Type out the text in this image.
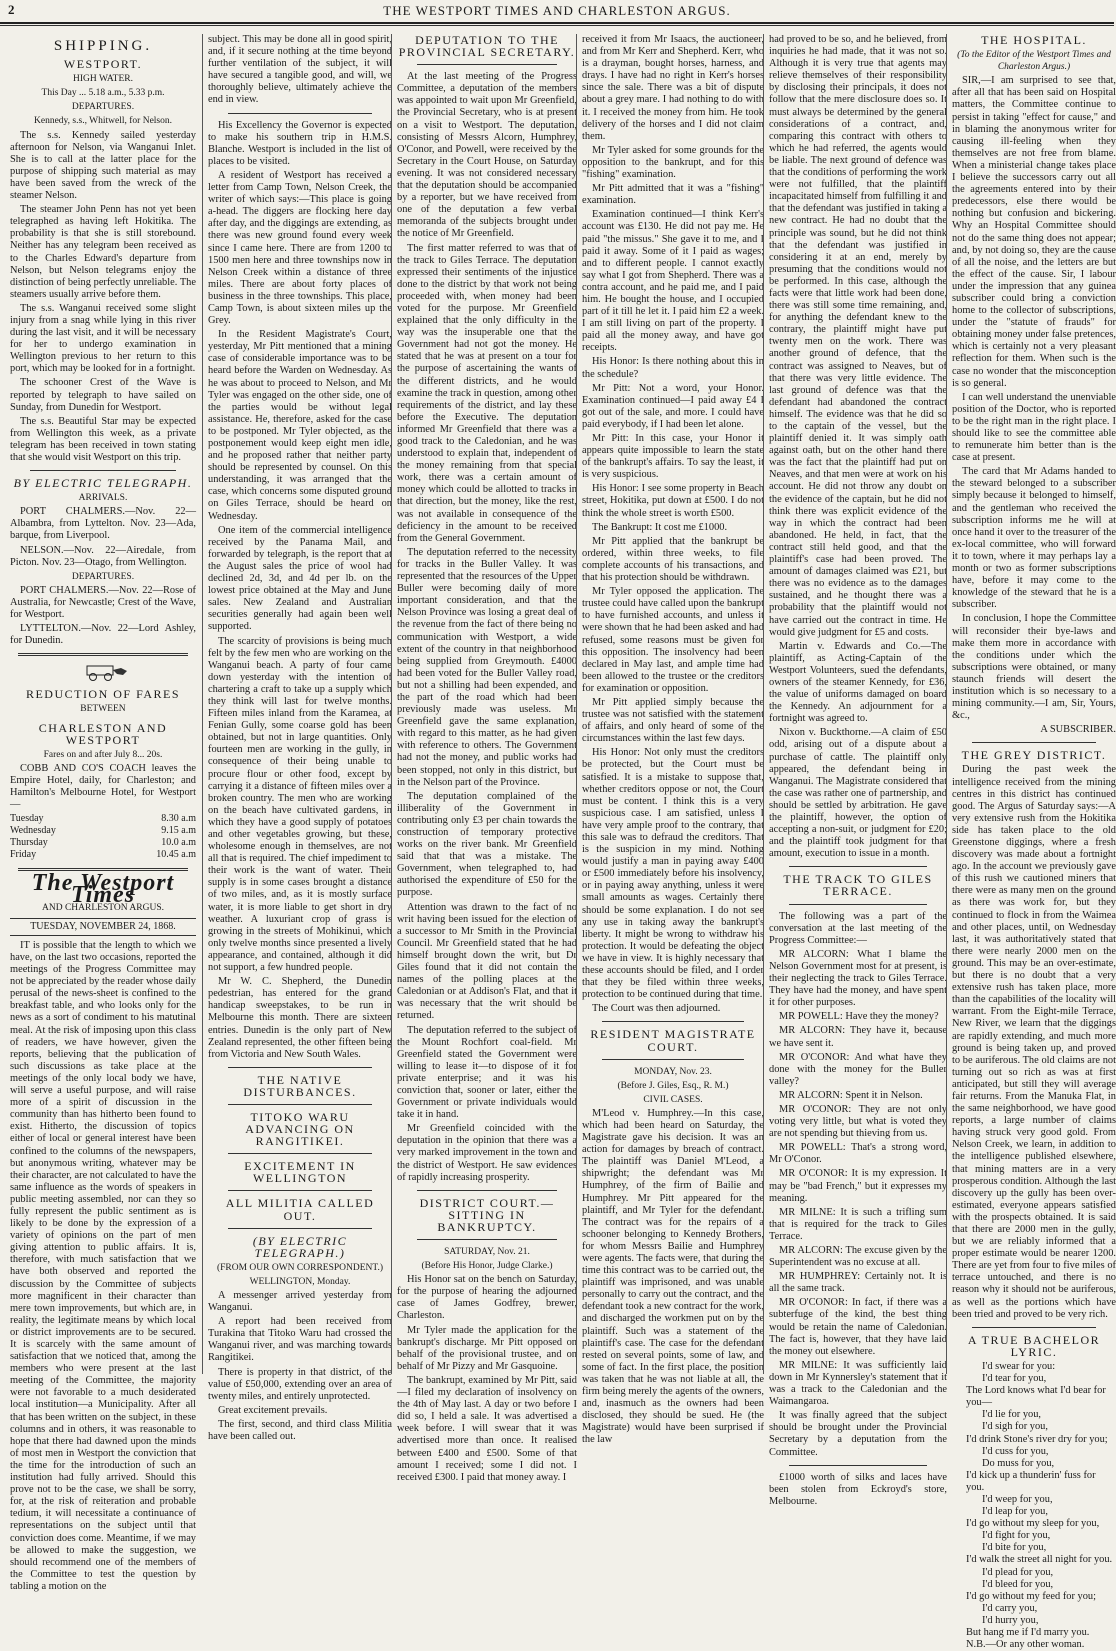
2	THE WESTPORT TIMES AND CHARLESTON ARGUS.

SHIPPING.

WESTPORT.

HIGH WATER.

This Day ... 5.18 a.m., 5.33 p.m.

DEPARTURES.

Kennedy, s.s., Whitwell, for Nelson.

The s.s. Kennedy sailed yesterday afternoon for Nelson, via Wanganui Inlet. She is to call at the latter place for the purpose of shipping such material as may have been saved from the wreck of the steamer Nelson.

The steamer John Penn has not yet been telegraphed as having left Hokitika. The probability is that she is still storebound. Neither has any telegram been received as to the Charles Edward's departure from Nelson, but Nelson telegrams enjoy the distinction of being perfectly unreliable. The steamers usually arrive before them.

The s.s. Wanganui received some slight injury from a snag while lying in this river during the last visit, and it will be necessary for her to undergo examination in Wellington previous to her return to this port, which may be looked for in a fortnight.

The schooner Crest of the Wave is reported by telegraph to have sailed on Sunday, from Dunedin for Westport.

The s.s. Beautiful Star may be expected from Wellington this week, as a private telegram has been received in town stating that she would visit Westport on this trip.

BY ELECTRIC TELEGRAPH.

ARRIVALS.

PORT CHALMERS.—Nov. 22—Albambra, from Lyttelton. Nov. 23—Ada, barque, from Liverpool.

NELSON.—Nov. 22—Airedale, from Picton. Nov. 23—Otago, from Wellington.

DEPARTURES.

PORT CHALMERS.—Nov. 22—Rose of Australia, for Newcastle; Crest of the Wave, for Westport.

LYTTELTON.—Nov. 22—Lord Ashley, for Dunedin.

REDUCTION OF FARES

BETWEEN

CHARLESTON AND WESTPORT

Fares on and after July 8... 20s.

COBB AND CO'S COACH leaves the Empire Hotel, daily, for Charleston; and Hamilton's Melbourne Hotel, for Westport—

Tuesday	8.30 a.m
Wednesday	9.15 a.m
Thursday	10.0 a.m
Friday	10.45 a.m

The Westport Times

AND CHARLESTON ARGUS.

TUESDAY, NOVEMBER 24, 1868.

IT is possible that the length to which we have, on the last two occasions, reported the meetings of the Progress Committee may not be appreciated by the reader whose daily perusal of the news-sheet is confined to the breakfast table, and who looks only for the news as a sort of condiment to his matutinal meal. At the risk of imposing upon this class of readers, we have however, given the reports, believing that the publication of such discussions as take place at the meetings of the only local body we have, will serve a useful purpose, and will raise more of a spirit of discussion in the community than has hitherto been found to exist. Hitherto, the discussion of topics either of local or general interest have been confined to the columns of the newspapers, but anonymous writing, whatever may be their character, are not calculated to have the same influence as the words of speakers in public meeting assembled, nor can they so fully represent the public sentiment as is likely to be done by the expression of a variety of opinions on the part of men giving attention to public affairs. It is, therefore, with much satisfaction that we have both observed and reported the discussion by the Committee of subjects more magnificent in their character than mere town improvements, but which are, in reality, the legitimate means by which local or district improvements are to be secured. It is scarcely with the same amount of satisfaction that we noticed that, among the members who were present at the last meeting of the Committee, the majority were not favorable to a much desiderated local institution—a Municipality. After all that has been written on the subject, in these columns and in others, it was reasonable to hope that there had dawned upon the minds of most men in Westport the conviction that the time for the introduction of such an institution had fully arrived. Should this prove not to be the case, we shall be sorry, for, at the risk of reiteration and probable tedium, it will necessitate a continuance of representations on the subject until that conviction does come. Meantime, if we may be allowed to make the suggestion, we should recommend one of the members of the Committee to test the question by tabling a motion on the

subject. This may be done all in good spirit, and, if it secure nothing at the time beyond further ventilation of the subject, it will have secured a tangible good, and will, we thoroughly believe, ultimately achieve the end in view.

His Excellency the Governor is expected to make his southern trip in H.M.S. Blanche. Westport is included in the list of places to be visited.

A resident of Westport has received a letter from Camp Town, Nelson Creek, the writer of which says:—This place is going a-head. The diggers are flocking here day after day, and the diggings are extending, as there was new ground found every week since I came here. There are from 1200 to 1500 men here and three townships now in Nelson Creek within a distance of three miles. There are about forty places of business in the three townships. This place, Camp Town, is about sixteen miles up the Grey.

In the Resident Magistrate's Court, yesterday, Mr Pitt mentioned that a mining case of considerable importance was to be heard before the Warden on Wednesday. As he was about to proceed to Nelson, and Mr Tyler was engaged on the other side, one of the parties would be without legal assistance. He, therefore, asked for the case to be postponed. Mr Tyler objected, as the postponement would keep eight men idle, and he proposed rather that neither party should be represented by counsel. On this understanding, it was arranged that the case, which concerns some disputed ground on Giles Terrace, should be heard on Wednesday.

One item of the commercial intelligence received by the Panama Mail, and forwarded by telegraph, is the report that at the August sales the price of wool had declined 2d, 3d, and 4d per lb. on the lowest price obtained at the May and June sales. New Zealand and Australian securities generally had again been well supported.

The scarcity of provisions is being much felt by the few men who are working on the Wanganui beach. A party of four came down yesterday with the intention of chartering a craft to take up a supply which they think will last for twelve months. Fifteen miles inland from the Karamea, at Fenian Gully, some coarse gold has been obtained, but not in large quantities. Only fourteen men are working in the gully, in consequence of their being unable to procure flour or other food, except by carrying it a distance of fifteen miles over a broken country. The men who are working on the beach have cultivated gardens, in which they have a good supply of potatoes and other vegetables growing, but these, wholesome enough in themselves, are not all that is required. The chief impediment to their work is the want of water. Their supply is in some cases brought a distance of two miles, and, as it is mostly surface water, it is more liable to get short in dry weather. A luxuriant crop of grass is growing in the streets of Mohikinui, which only twelve months since presented a lively appearance, and contained, although it did not support, a few hundred people.

Mr W. C. Shepherd, the Dunedin pedestrian, has entered for the grand handicap sweepstakes, to be run in Melbourne this month. There are sixteen entries. Dunedin is the only part of New Zealand represented, the other fifteen being from Victoria and New South Wales.

THE NATIVE DISTURBANCES.

TITOKO WARU ADVANCING ON RANGITIKEI.

EXCITEMENT IN WELLINGTON

ALL MILITIA CALLED OUT.

(BY ELECTRIC TELEGRAPH.)

(FROM OUR OWN CORRESPONDENT.)

WELLINGTON, Monday.

A messenger arrived yesterday from Wanganui.

A report had been received from Turakina that Titoko Waru had crossed the Wanganui river, and was marching towards Rangitikei.

There is property in that district, of the value of £50,000, extending over an area of twenty miles, and entirely unprotected.

Great excitement prevails.

The first, second, and third class Militia have been called out.

DEPUTATION TO THE PROVINCIAL SECRETARY.

At the last meeting of the Progress Committee, a deputation of the members was appointed to wait upon Mr Greenfield, the Provincial Secretary, who is at present on a visit to Westport. The deputation, consisting of Messrs Alcorn, Humphrey, O'Conor, and Powell, were received by the Secretary in the Court House, on Saturday evening. It was not considered necessary that the deputation should be accompanied by a reporter, but we have received from one of the deputation a few verbal memoranda of the subjects brought under the notice of Mr Greenfield.

The first matter referred to was that of the track to Giles Terrace. The deputation expressed their sentiments of the injustice done to the district by that work not being proceeded with, when money had been voted for the purpose. Mr Greenfield explained that the only difficulty in the way was the insuperable one that the Government had not got the money. He stated that he was at present on a tour for the purpose of ascertaining the wants of the different districts, and he would examine the track in question, among other requirements of the district, and lay these before the Executive. The deputation informed Mr Greenfield that there was a good track to the Caledonian, and he was understood to explain that, independent of the money remaining from that special work, there was a certain amount of money which could be allotted to tracks in that direction, but the money, like the rest, was not available in consequence of the deficiency in the amount to be received from the General Government.

The deputation referred to the necessity for tracks in the Buller Valley. It was represented that the resources of the Upper Buller were becoming daily of more important consideration, and that the Nelson Province was losing a great deal of the revenue from the fact of there being no communication with Westport, a wide extent of the country in that neighborhood being supplied from Greymouth. £4000 had been voted for the Buller Valley road, but not a shilling had been expended, and the part of the road which had been previously made was useless. Mr Greenfield gave the same explanation, with regard to this matter, as he had given with reference to others. The Government had not the money, and public works had been stopped, not only in this district, but in the Nelson part of the Province.

The deputation complained of the illiberality of the Government in contributing only £3 per chain towards the construction of temporary protective works on the river bank. Mr Greenfield said that that was a mistake. The Government, when telegraphed to, had authorised the expenditure of £50 for the purpose.

Attention was drawn to the fact of no writ having been issued for the election of a successor to Mr Smith in the Provincial Council. Mr Greenfield stated that he had himself brought down the writ, but Dr Giles found that it did not contain the names of the polling places at the Caledonian or at Addison's Flat, and that it was necessary that the writ should be returned.

The deputation referred to the subject of the Mount Rochfort coal-field. Mr Greenfield stated the Government were willing to lease it—to dispose of it for private enterprise; and it was his conviction that, sooner or later, either the Government or private individuals would take it in hand.

Mr Greenfield coincided with the deputation in the opinion that there was a very marked improvement in the town and the district of Westport. He saw evidences of rapidly increasing prosperity.

DISTRICT COURT.—SITTING IN BANKRUPTCY.

SATURDAY, Nov. 21.

(Before His Honor, Judge Clarke.)

His Honor sat on the bench on Saturday, for the purpose of hearing the adjourned case of James Godfrey, brewer, Charleston.

Mr Tyler made the application for the bankrupt's discharge. Mr Pitt opposed on behalf of the provisional trustee, and on behalf of Mr Pizzy and Mr Gasquoine.

The bankrupt, examined by Mr Pitt, said—I filed my declaration of insolvency on the 4th of May last. A day or two before I did so, I held a sale. It was advertised a week before. I will swear that it was advertised more than once. It realised between £400 and £500. Some of that amount I received; some I did not. I received £300. I paid that money away. I

received it from Mr Isaacs, the auctioneer, and from Mr Kerr and Shepherd. Kerr, who is a drayman, bought horses, harness, and drays. I have had no right in Kerr's horses since the sale. There was a bit of dispute about a grey mare. I had nothing to do with it. I received the money from him. He took delivery of the horses and I did not claim them.

Mr Tyler asked for some grounds for the opposition to the bankrupt, and for this "fishing" examination.

Mr Pitt admitted that it was a "fishing" examination.

Examination continued—I think Kerr's account was £130. He did not pay me. He paid "the missus." She gave it to me, and I paid it away. Some of it I paid as wages; and to different people. I cannot exactly say what I got from Shepherd. There was a contra account, and he paid me, and I paid him. He bought the house, and I occupied part of it till he let it. I paid him £2 a week. I am still living on part of the property. I paid all the money away, and have got receipts.

His Honor: Is there nothing about this in the schedule?

Mr Pitt: Not a word, your Honor. Examination continued—I paid away £4 I got out of the sale, and more. I could have paid everybody, if I had been let alone.

Mr Pitt: In this case, your Honor it appears quite impossible to learn the state of the bankrupt's affairs. To say the least, it is very suspicious.

His Honor: I see some property in Beach street, Hokitika, put down at £500. I do not think the whole street is worth £500.

The Bankrupt: It cost me £1000.

Mr Pitt applied that the bankrupt be ordered, within three weeks, to file complete accounts of his transactions, and that his protection should be withdrawn.

Mr Tyler opposed the application. The trustee could have called upon the bankrupt to have furnished accounts, and unless it were shown that he had been asked and had refused, some reasons must be given for this opposition. The insolvency had been declared in May last, and ample time had been allowed to the trustee or the creditors for examination or opposition.

Mr Pitt applied simply because the trustee was not satisfied with the statement of affairs, and only heard of some of the circumstances within the last few days.

His Honor: Not only must the creditors be protected, but the Court must be satisfied. It is a mistake to suppose that, whether creditors oppose or not, the Court must be content. I think this is a very suspicious case. I am satisfied, unless I have very ample proof to the contrary, that this sale was to defraud the creditors. That is the suspicion in my mind. Nothing would justify a man in paying away £400 or £500 immediately before his insolvency, or in paying away anything, unless it were small amounts as wages. Certainly there should be some explanation. I do not see any use in taking away the bankrupt's liberty. It might be wrong to withdraw his protection. It would be defeating the object we have in view. It is highly necessary that these accounts should be filed, and I order that they be filed within three weeks, protection to be continued during that time.

The Court was then adjourned.

RESIDENT MAGISTRATE COURT.

MONDAY, Nov. 23.

(Before J. Giles, Esq., R. M.)

CIVIL CASES.

M'Leod v. Humphrey.—In this case, which had been heard on Saturday, the Magistrate gave his decision. It was an action for damages by breach of contract. The plaintiff was Daniel M'Leod, a shipwright; the defendant was Mr Humphrey, of the firm of Bailie and Humphrey. Mr Pitt appeared for the plaintiff, and Mr Tyler for the defendant. The contract was for the repairs of a schooner belonging to Kennedy Brothers, for whom Messrs Bailie and Humphrey were agents. The facts were, that during the time this contract was to be carried out, the plaintiff was imprisoned, and was unable personally to carry out the contract, and the defendant took a new contract for the work, and discharged the workmen put on by the plaintiff. Such was a statement of the plaintiff's case. The case for the defendant rested on several points, some of law, and some of fact. In the first place, the position was taken that he was not liable at all, the firm being merely the agents of the owners, and, inasmuch as the owners had been disclosed, they should be sued. He (the Magistrate) would have been surprised if the law

had proved to be so, and he believed, from inquiries he had made, that it was not so. Although it is very true that agents may relieve themselves of their responsibility by disclosing their principals, it does not follow that the mere disclosure does so. It must always be determined by the general considerations of a contract, and, comparing this contract with others to which he had referred, the agents would be liable. The next ground of defence was that the conditions of performing the work were not fulfilled, that the plaintiff incapacitated himself from fulfilling it and that the defendant was justified in taking a new contract. He had no doubt that the principle was sound, but he did not think that the defendant was justified in considering it at an end, merely by presuming that the conditions would not be performed. In this case, although the facts were that little work had been done, there was still some time remaining, and, for anything the defendant knew to the contrary, the plaintiff might have put twenty men on the work. There was another ground of defence, that the contract was assigned to Neaves, but of that there was very little evidence. The last ground of defence was that the defendant had abandoned the contract himself. The evidence was that he did so to the captain of the vessel, but the plaintiff denied it. It was simply oath against oath, but on the other hand there was the fact that the plaintiff had put on Neaves, and that men were at work on his account. He did not throw any doubt on the evidence of the captain, but he did not think there was explicit evidence of the way in which the contract had been abandoned. He held, in fact, that the contract still held good, and that the plaintiff's case had been proved. The amount of damages claimed was £21, but there was no evidence as to the damages sustained, and he thought there was a probability that the plaintiff would not have carried out the contract in time. He would give judgment for £5 and costs.

Martin v. Edwards and Co.—The plaintiff, as Acting-Captain of the Westport Volunteers, sued the defendants, owners of the steamer Kennedy, for £36, the value of uniforms damaged on board the Kennedy. An adjournment for a fortnight was agreed to.

Nixon v. Buckthorne.—A claim of £50 odd, arising out of a dispute about a purchase of cattle. The plaintiff only appeared, the defendant being in Wanganui. The Magistrate considered that the case was rather one of partnership, and should be settled by arbitration. He gave the plaintiff, however, the option of accepting a non-suit, or judgment for £20; and the plaintiff took judgment for that amount, execution to issue in a month.

THE TRACK TO GILES TERRACE.

The following was a part of the conversation at the last meeting of the Progress Committee:—

MR ALCORN: What I blame the Nelson Government most for at present, is their neglecting the track to Giles Terrace. They have had the money, and have spent it for other purposes.

MR POWELL: Have they the money?

MR ALCORN: They have it, because we have sent it.

MR O'CONOR: And what have they done with the money for the Buller valley?

MR ALCORN: Spent it in Nelson.

MR O'CONOR: They are not only voting very little, but what is voted they are not spending but thieving from us.

MR POWELL: That's a strong word, Mr O'Conor.

MR O'CONOR: It is my expression. It may be "bad French," but it expresses my meaning.

MR MILNE: It is such a trifling sum that is required for the track to Giles Terrace.

MR ALCORN: The excuse given by the Superintendent was no excuse at all.

MR HUMPHREY: Certainly not. It is all the same track.

MR O'CONOR: In fact, if there was a subterfuge of the kind, the best thing would be retain the name of Caledonian. The fact is, however, that they have laid the money out elsewhere.

MR MILNE: It was sufficiently laid down in Mr Kynnersley's statement that it was a track to the Caledonian and the Waimangaroa.

It was finally agreed that the subject should be brought under the Provincial Secretary by a deputation from the Committee.

£1000 worth of silks and laces have been stolen from Eckroyd's store, Melbourne.

THE HOSPITAL.

(To the Editor of the Westport Times and Charleston Argus.)

SIR,—I am surprised to see that, after all that has been said on Hospital matters, the Committee continue to persist in taking "effect for cause," and in blaming the anonymous writer for causing ill-feeling when they themselves are not free from blame. When a ministerial change takes place I believe the successors carry out all the agreements entered into by their predecessors, else there would be nothing but confusion and bickering. Why an Hospital Committee should not do the same thing does not appear; and, by not doing so, they are the cause of all the noise, and the letters are but the effect of the cause. Sir, I labour under the impression that any guinea subscriber could bring a conviction home to the collector of subscriptions, under the "statute of frauds" for obtaining money under false pretences, which is certainly not a very pleasant reflection for them. When such is the case no wonder that the misconception is so general.

I can well understand the unenviable position of the Doctor, who is reported to be the right man in the right place. I should like to see the committee able to remunerate him better than is the case at present.

The card that Mr Adams handed to the steward belonged to a subscriber simply because it belonged to himself, and the gentleman who received the subscription informs me he will at once hand it over to the treasurer of the ex-local committee, who will forward it to town, where it may perhaps lay a month or two as former subscriptions have, before it may come to the knowledge of the steward that he is a subscriber.

In conclusion, I hope the Committee will reconsider their bye-laws and make them more in accordance with the conditions under which the subscriptions were obtained, or many staunch friends will desert the institution which is so necessary to a mining community.—I am, Sir, Yours, &c.,

A SUBSCRIBER.

THE GREY DISTRICT.

During the past week the intelligence received from the mining centres in this district has continued good. The Argus of Saturday says:—A very extensive rush from the Hokitika side has taken place to the old Greenstone diggings, where a fresh discovery was made about a fortnight ago. In the account we previously gave of this rush we cautioned miners that there were as many men on the ground as there was work for, but they continued to flock in from the Waimea and other places, until, on Wednesday last, it was authoritatively stated that there were nearly 2000 men on the ground. This may be an over-estimate, but there is no doubt that a very extensive rush has taken place, more than the capabilities of the locality will warrant. From the Eight-mile Terrace, New River, we learn that the diggings are rapidly extending, and much more ground is being taken up, and proved to be auriferous. The old claims are not turning out so rich as was at first anticipated, but still they will average fair returns. From the Manuka Flat, in the same neighborhood, we have good reports, a large number of claims having struck very good gold. From Nelson Creek, we learn, in addition to the intelligence published elsewhere, that mining matters are in a very prosperous condition. Although the last discovery up the gully has been over-estimated, everyone appears satisfied with the prospects obtained. It is said that there are 2000 men in the gully, but we are reliably informed that a proper estimate would be nearer 1200. There are yet from four to five miles of terrace untouched, and there is no reason why it should not be auriferous, as well as the portions which have been tried and proved to be very rich.

A TRUE BACHELOR LYRIC.

I'd swear for you:

I'd tear for you,

The Lord knows what I'd bear for you—

I'd lie for you,

I'd sigh for you,

I'd drink Stone's river dry for you;

I'd cuss for you,

Do muss for you,

I'd kick up a thunderin' fuss for you.

I'd weep for you,

I'd leap for you,

I'd go without my sleep for you,

I'd fight for you,

I'd bite for you,

I'd walk the street all night for you.

I'd plead for you,

I'd bleed for you,

I'd go without my feed for you;

I'd carry you,

I'd hurry you,

But hang me if I'd marry you.

N.B.—Or any other woman.
